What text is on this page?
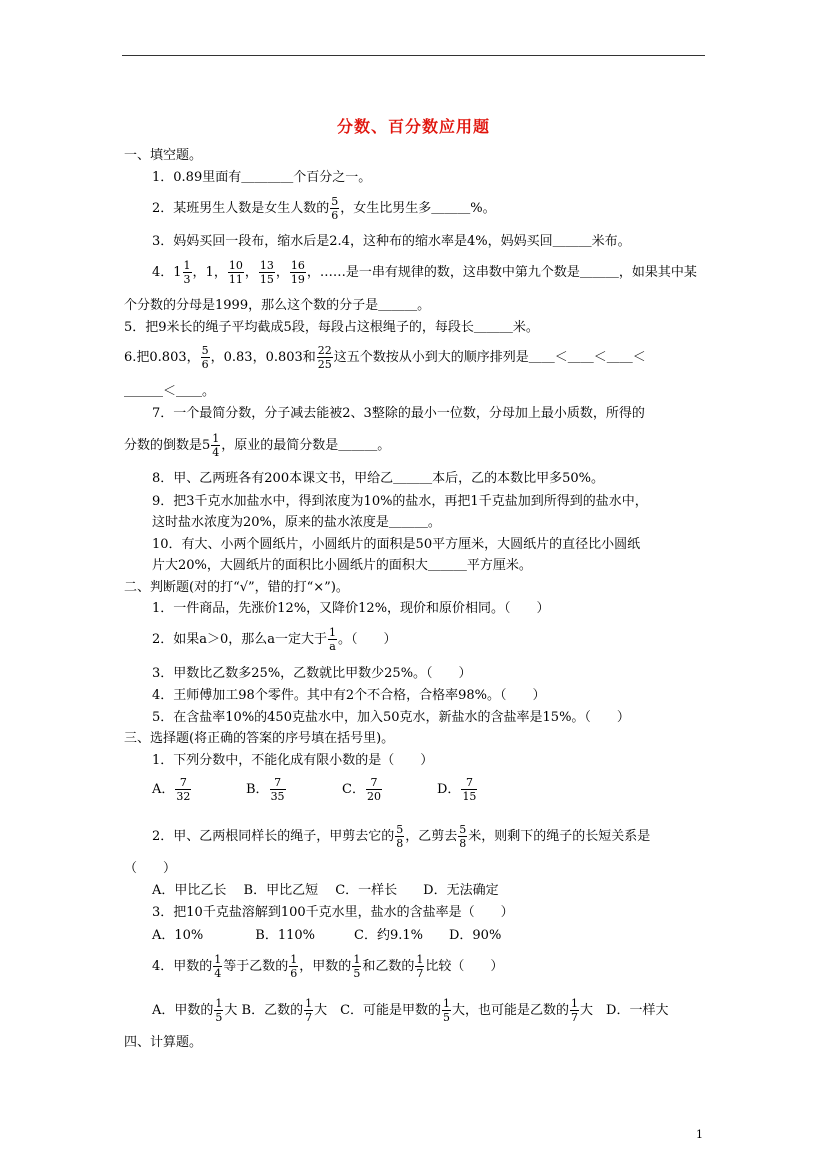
分数、百分数应用题
一、填空题。
1．0.89里面有＿＿＿＿个百分之一。
2．某班男生人数是女生人数的 $\frac{5}{6}$ ，女生比男生多＿＿＿%。
3．妈妈买回一段布，缩水后是2.4，这种布的缩水率是4%，妈妈买回＿＿＿米布。
4．$1 \frac{1}{3}$ ，1， $\frac{10}{11}$ ， $\frac{13}{15}$ ， $\frac{16}{19}$ ，……是一串有规律的数，这串数中第九个数是＿＿＿，如果其中某
个分数的分母是1999，那么这个数的分子是＿＿＿。
5．把9米长的绳子平均截成5段，每段占这根绳子的，每段长＿＿＿米。
6.把0.803， $\frac{5}{6}$ ，0.83，0.803和 $\frac{22}{25}$ 这五个数按从小到大的顺序排列是＿＿＜＿＿＜＿＿＜
＿＿＿＜＿＿。
7．一个最简分数，分子减去能被2、3整除的最小一位数，分母加上最小质数，所得的
分数的倒数是$5 \frac{1}{4}$ ，原业的最简分数是＿＿＿。
8．甲、乙两班各有200本课文书，甲给乙＿＿＿本后，乙的本数比甲多50%。
9．把3千克水加盐水中，得到浓度为10%的盐水，再把1千克盐加到所得到的盐水中，
这时盐水浓度为20%，原来的盐水浓度是＿＿＿。
10．有大、小两个圆纸片，小圆纸片的面积是50平方厘米，大圆纸片的直径比小圆纸
片大20%，大圆纸片的面积比小圆纸片的面积大＿＿＿平方厘米。
二、判断题(对的打“√”，错的打“×”)。
1．一件商品，先涨价12%，又降价12%，现价和原价相同。（　　）
2．如果a＞0，那么a一定大于 $\frac{1}{a}$ 。（　　）
3．甲数比乙数多25%，乙数就比甲数少25%。（　　）
4．王师傅加工98个零件。其中有2个不合格，合格率98%。（　　）
5．在含盐率10%的450克盐水中，加入50克水，新盐水的含盐率是15%。（　　）
三、选择题(将正确的答案的序号填在括号里)。
1．下列分数中，不能化成有限小数的是（　　）
A． $\frac{7}{32}$	B． $\frac{7}{35}$	C． $\frac{7}{20}$	D． $\frac{7}{15}$
2．甲、乙两根同样长的绳子，甲剪去它的 $\frac{5}{8}$ ，乙剪去 $\frac{5}{8}$ 米，则剩下的绳子的长短关系是
（　　）
A．甲比乙长　 B．甲比乙短　 C．一样长　　D．无法确定
3．把10千克盐溶解到100千克水里，盐水的含盐率是（　　）
A．10%　　　　B．110%　　　C．约9.1%　　D．90%
4．甲数的 $\frac{1}{4}$ 等于乙数的 $\frac{1}{6}$ ，甲数的 $\frac{1}{5}$ 和乙数的 $\frac{1}{7}$ 比较（　　）
A．甲数的 $\frac{1}{5}$ 大 B．乙数的 $\frac{1}{7}$ 大　C．可能是甲数的 $\frac{1}{5}$ 大，也可能是乙数的 $\frac{1}{7}$ 大　D．一样大
四、计算题。
1
